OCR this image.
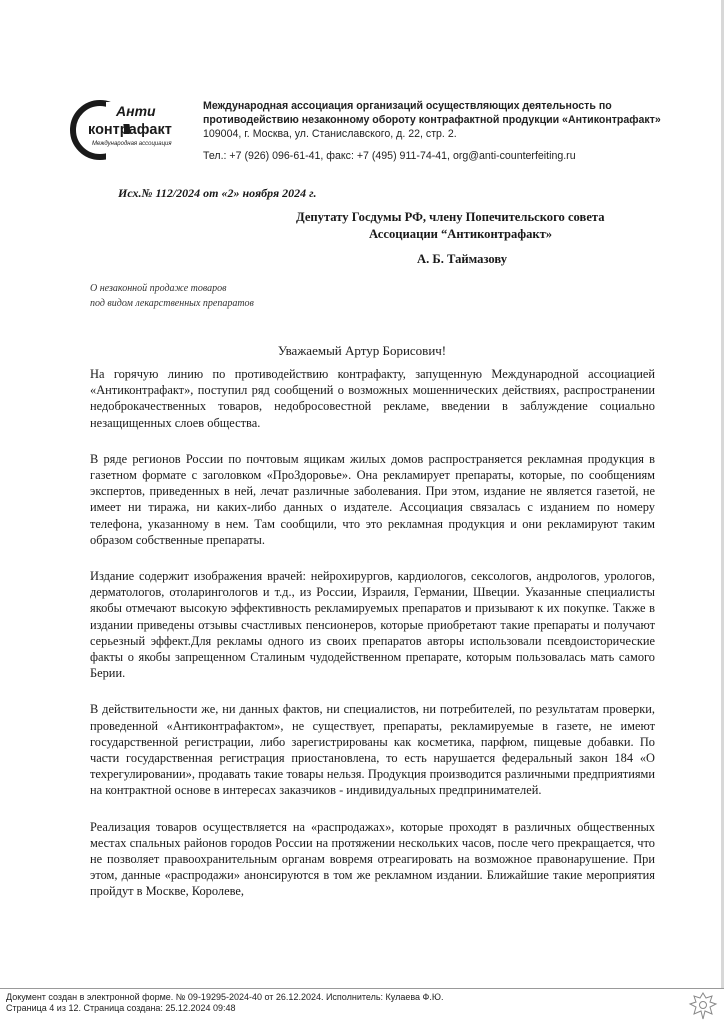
Анти
контрафакт
Международная ассоциация
Международная ассоциация организаций осуществляющих деятельность по противодействию незаконному обороту контрафактной продукции «Антиконтрафакт»
109004, г. Москва, ул. Станиславского, д. 22, стр. 2.
Тел.: +7 (926) 096-61-41, факс: +7 (495) 911-74-41, org@anti-counterfeiting.ru
Исх.№ 112/2024 от «2» ноября 2024 г.
Депутату Госдумы РФ, члену Попечительского совета
Ассоциации “Антиконтрафакт»
А. Б. Таймазову
О незаконной продаже товаров
под видом лекарственных препаратов
Уважаемый Артур Борисович!

На горячую линию по противодействию контрафакту, запущенную Международной ассоциацией «Антиконтрафакт», поступил ряд сообщений о возможных мошеннических действиях, распространении недоброкачественных товаров, недобросовестной рекламе, введении в заблуждение социально незащищенных слоев общества.

В ряде регионов России по почтовым ящикам жилых домов распространяется рекламная продукция в газетном формате с заголовком «ПроЗдоровье». Она рекламирует препараты, которые, по сообщениям экспертов, приведенных в ней, лечат различные заболевания. При этом, издание не является газетой, не имеет ни тиража, ни каких-либо данных о издателе. Ассоциация связалась с изданием по номеру телефона, указанному в нем. Там сообщили, что это рекламная продукция и они рекламируют таким образом собственные препараты.

Издание содержит изображения врачей: нейрохирургов, кардиологов, сексологов, андрологов, урологов, дерматологов, отоларингологов и т.д., из России, Израиля, Германии, Швеции. Указанные специалисты якобы отмечают высокую эффективность рекламируемых препаратов и призывают к их покупке. Также в издании приведены отзывы счастливых пенсионеров, которые приобретают такие препараты и получают серьезный эффект.Для рекламы одного из своих препаратов авторы использовали псевдоисторические факты о якобы запрещенном Сталиным чудодейственном препарате, которым пользовалась мать самого Берии.

В действительности же, ни данных фактов, ни специалистов, ни потребителей, по результатам проверки, проведенной «Антиконтрафактом», не существует, препараты, рекламируемые в газете, не имеют государственной регистрации, либо зарегистрированы как косметика, парфюм, пищевые добавки. По части государственная регистрация приостановлена, то есть нарушается федеральный закон 184 «О техрегулировании», продавать такие товары нельзя. Продукция производится различными предприятиями на контрактной основе в интересах заказчиков - индивидуальных предпринимателей.

Реализация товаров осуществляется на «распродажах», которые проходят в различных общественных местах спальных районов городов России на протяжении нескольких часов, после чего прекращается, что не позволяет правоохранительным органам вовремя отреагировать на возможное правонарушение. При этом, данные «распродажи» анонсируются в том же рекламном издании. Ближайшие такие мероприятия пройдут в Москве, Королеве,

Документ создан в электронной форме. № 09-19295-2024-40 от 26.12.2024. Исполнитель: Кулаева Ф.Ю.
Страница 4 из 12. Страница создана: 25.12.2024 09:48
